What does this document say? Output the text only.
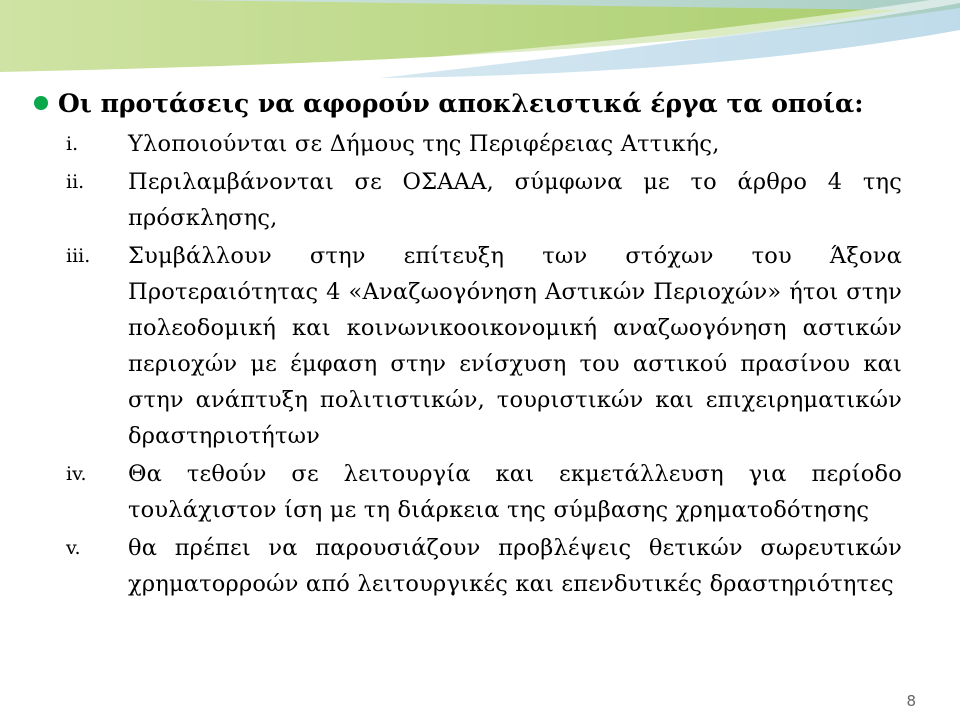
Οι προτάσεις να αφορούν αποκλειστικά έργα τα οποία:
i.	Υλοποιούνται σε Δήμους της Περιφέρειας Αττικής,
ii.	Περιλαμβάνονται σε ΟΣΑΑΑ, σύμφωνα με το άρθρο 4 της πρόσκλησης,
iii.	Συμβάλλουν στην επίτευξη των στόχων του Άξονα Προτεραιότητας 4 «Αναζωογόνηση Αστικών Περιοχών» ήτοι στην πολεοδομική και κοινωνικοοικονομική αναζωογόνηση αστικών περιοχών με έμφαση στην ενίσχυση του αστικού πρασίνου και στην ανάπτυξη πολιτιστικών, τουριστικών και επιχειρηματικών δραστηριοτήτων
iv.	Θα τεθούν σε λειτουργία και εκμετάλλευση για περίοδο τουλάχιστον ίση με τη διάρκεια της σύμβασης χρηματοδότησης
v.	θα πρέπει να παρουσιάζουν προβλέψεις θετικών σωρευτικών χρηματορροών από λειτουργικές και επενδυτικές δραστηριότητες
8
